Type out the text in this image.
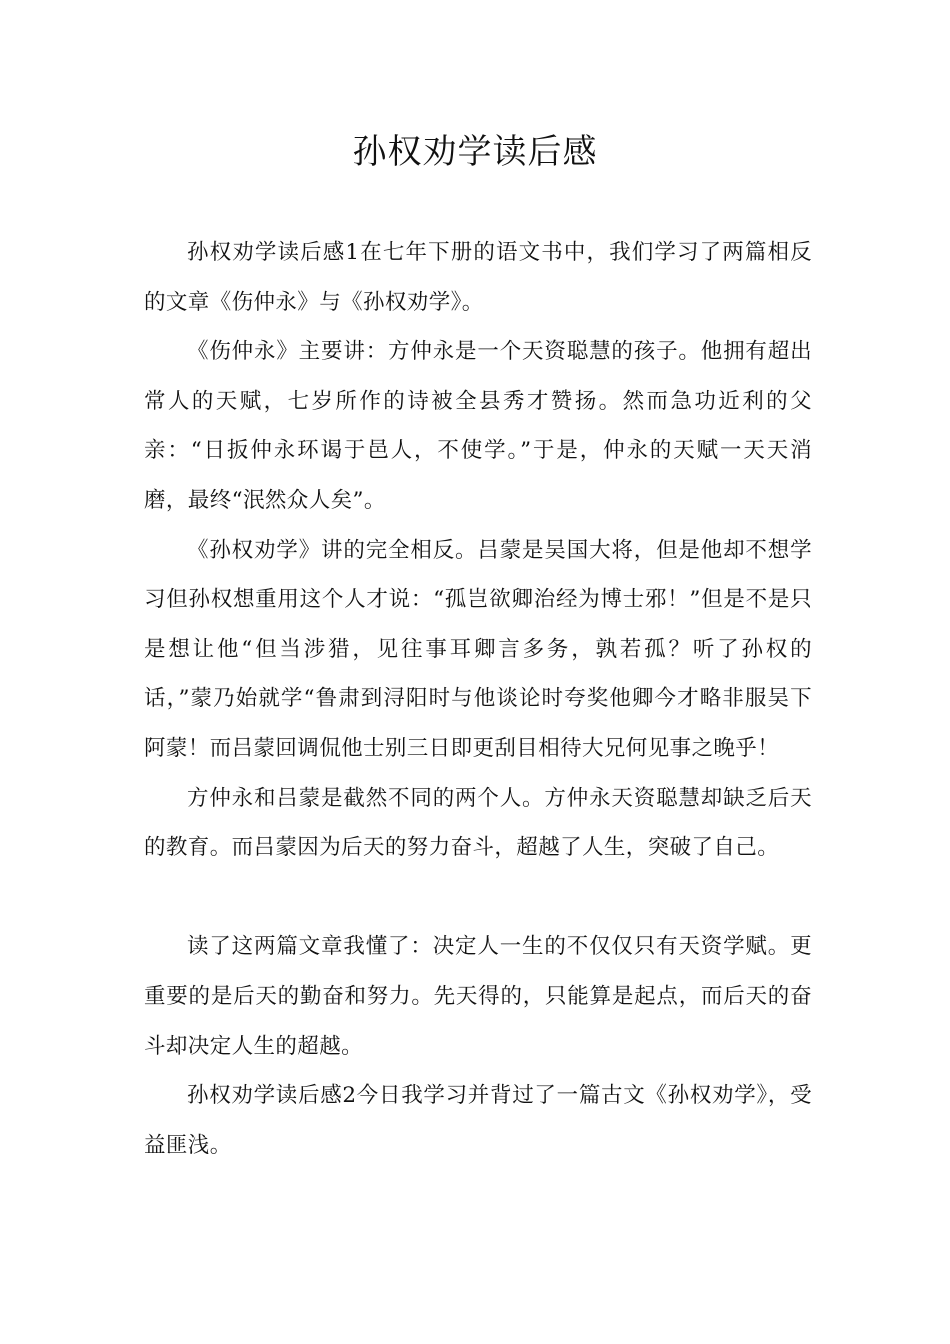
孙权劝学读后感

孙权劝学读后感1在七年下册的语文书中，我们学习了两篇相反的文章《伤仲永》与《孙权劝学》。

《伤仲永》主要讲：方仲永是一个天资聪慧的孩子。他拥有超出常人的天赋，七岁所作的诗被全县秀才赞扬。然而急功近利的父亲：“日扳仲永环谒于邑人，不使学。”于是，仲永的天赋一天天消磨，最终“泯然众人矣”。

《孙权劝学》讲的完全相反。吕蒙是吴国大将，但是他却不想学习但孙权想重用这个人才说：“孤岂欲卿治经为博士邪！”但是不是只是想让他“但当涉猎，见往事耳卿言多务，孰若孤？听了孙权的话，”蒙乃始就学“鲁肃到浔阳时与他谈论时夸奖他卿今才略非服吴下阿蒙！而吕蒙回调侃他士别三日即更刮目相待大兄何见事之晚乎！

方仲永和吕蒙是截然不同的两个人。方仲永天资聪慧却缺乏后天的教育。而吕蒙因为后天的努力奋斗，超越了人生，突破了自己。

读了这两篇文章我懂了：决定人一生的不仅仅只有天资学赋。更重要的是后天的勤奋和努力。先天得的，只能算是起点，而后天的奋斗却决定人生的超越。

孙权劝学读后感2今日我学习并背过了一篇古文《孙权劝学》，受益匪浅。
